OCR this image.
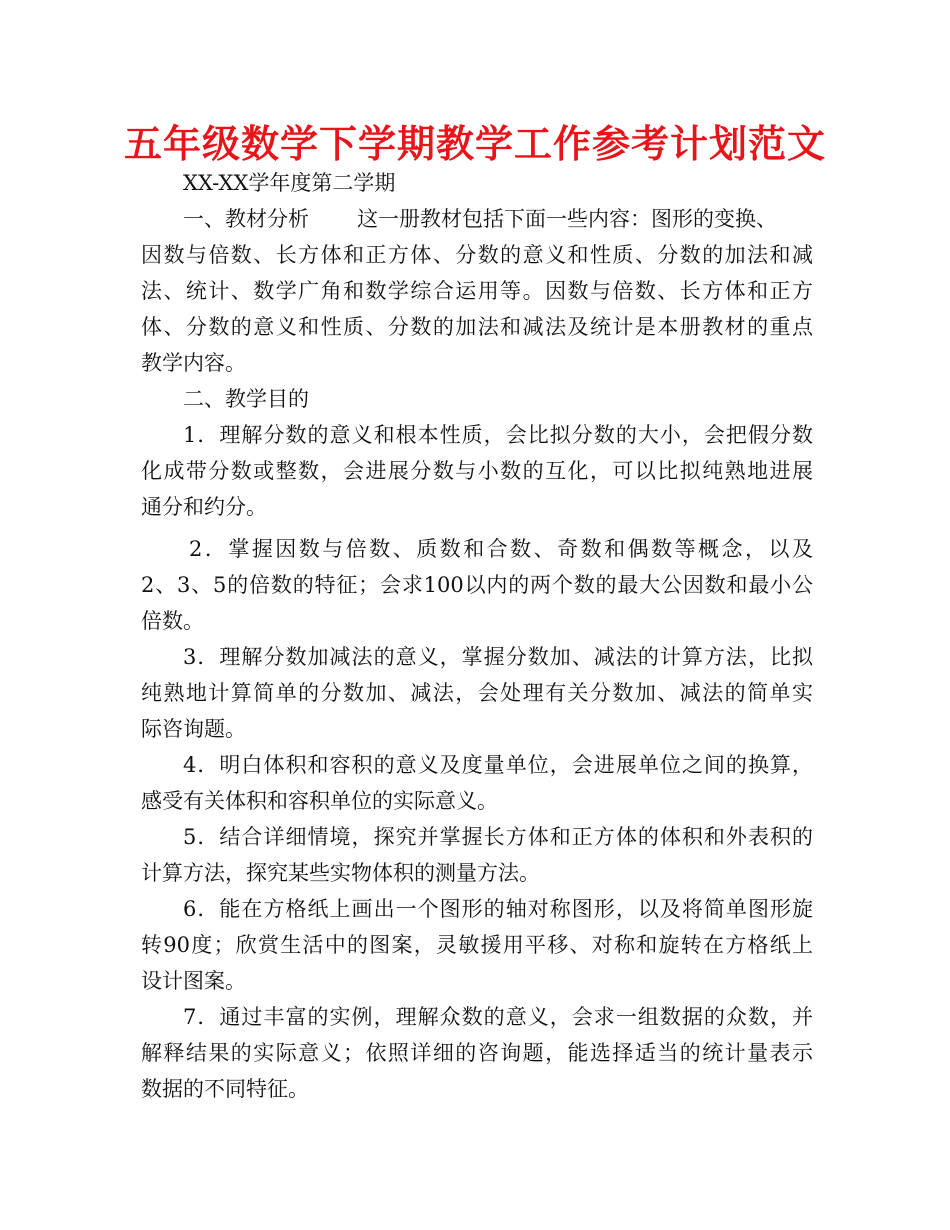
五年级数学下学期教学工作参考计划范文
XX-XX学年度第二学期
一、教材分析 这一册教材包括下面一些内容：图形的变换、
因数与倍数、长方体和正方体、分数的意义和性质、分数的加法和减
法、统计、数学广角和数学综合运用等。因数与倍数、长方体和正方
体、分数的意义和性质、分数的加法和减法及统计是本册教材的重点
教学内容。
二、教学目的
1．理解分数的意义和根本性质，会比拟分数的大小，会把假分数
化成带分数或整数，会进展分数与小数的互化，可以比拟纯熟地进展
通分和约分。
2．掌握因数与倍数、质数和合数、奇数和偶数等概念，以及
2、3、5的倍数的特征；会求100以内的两个数的最大公因数和最小公
倍数。
3．理解分数加减法的意义，掌握分数加、减法的计算方法，比拟
纯熟地计算简单的分数加、减法，会处理有关分数加、减法的简单实
际咨询题。
4．明白体积和容积的意义及度量单位，会进展单位之间的换算，
感受有关体积和容积单位的实际意义。
5．结合详细情境，探究并掌握长方体和正方体的体积和外表积的
计算方法，探究某些实物体积的测量方法。
6．能在方格纸上画出一个图形的轴对称图形，以及将简单图形旋
转90度；欣赏生活中的图案，灵敏援用平移、对称和旋转在方格纸上
设计图案。
7．通过丰富的实例，理解众数的意义，会求一组数据的众数，并
解释结果的实际意义；依照详细的咨询题，能选择适当的统计量表示
数据的不同特征。
